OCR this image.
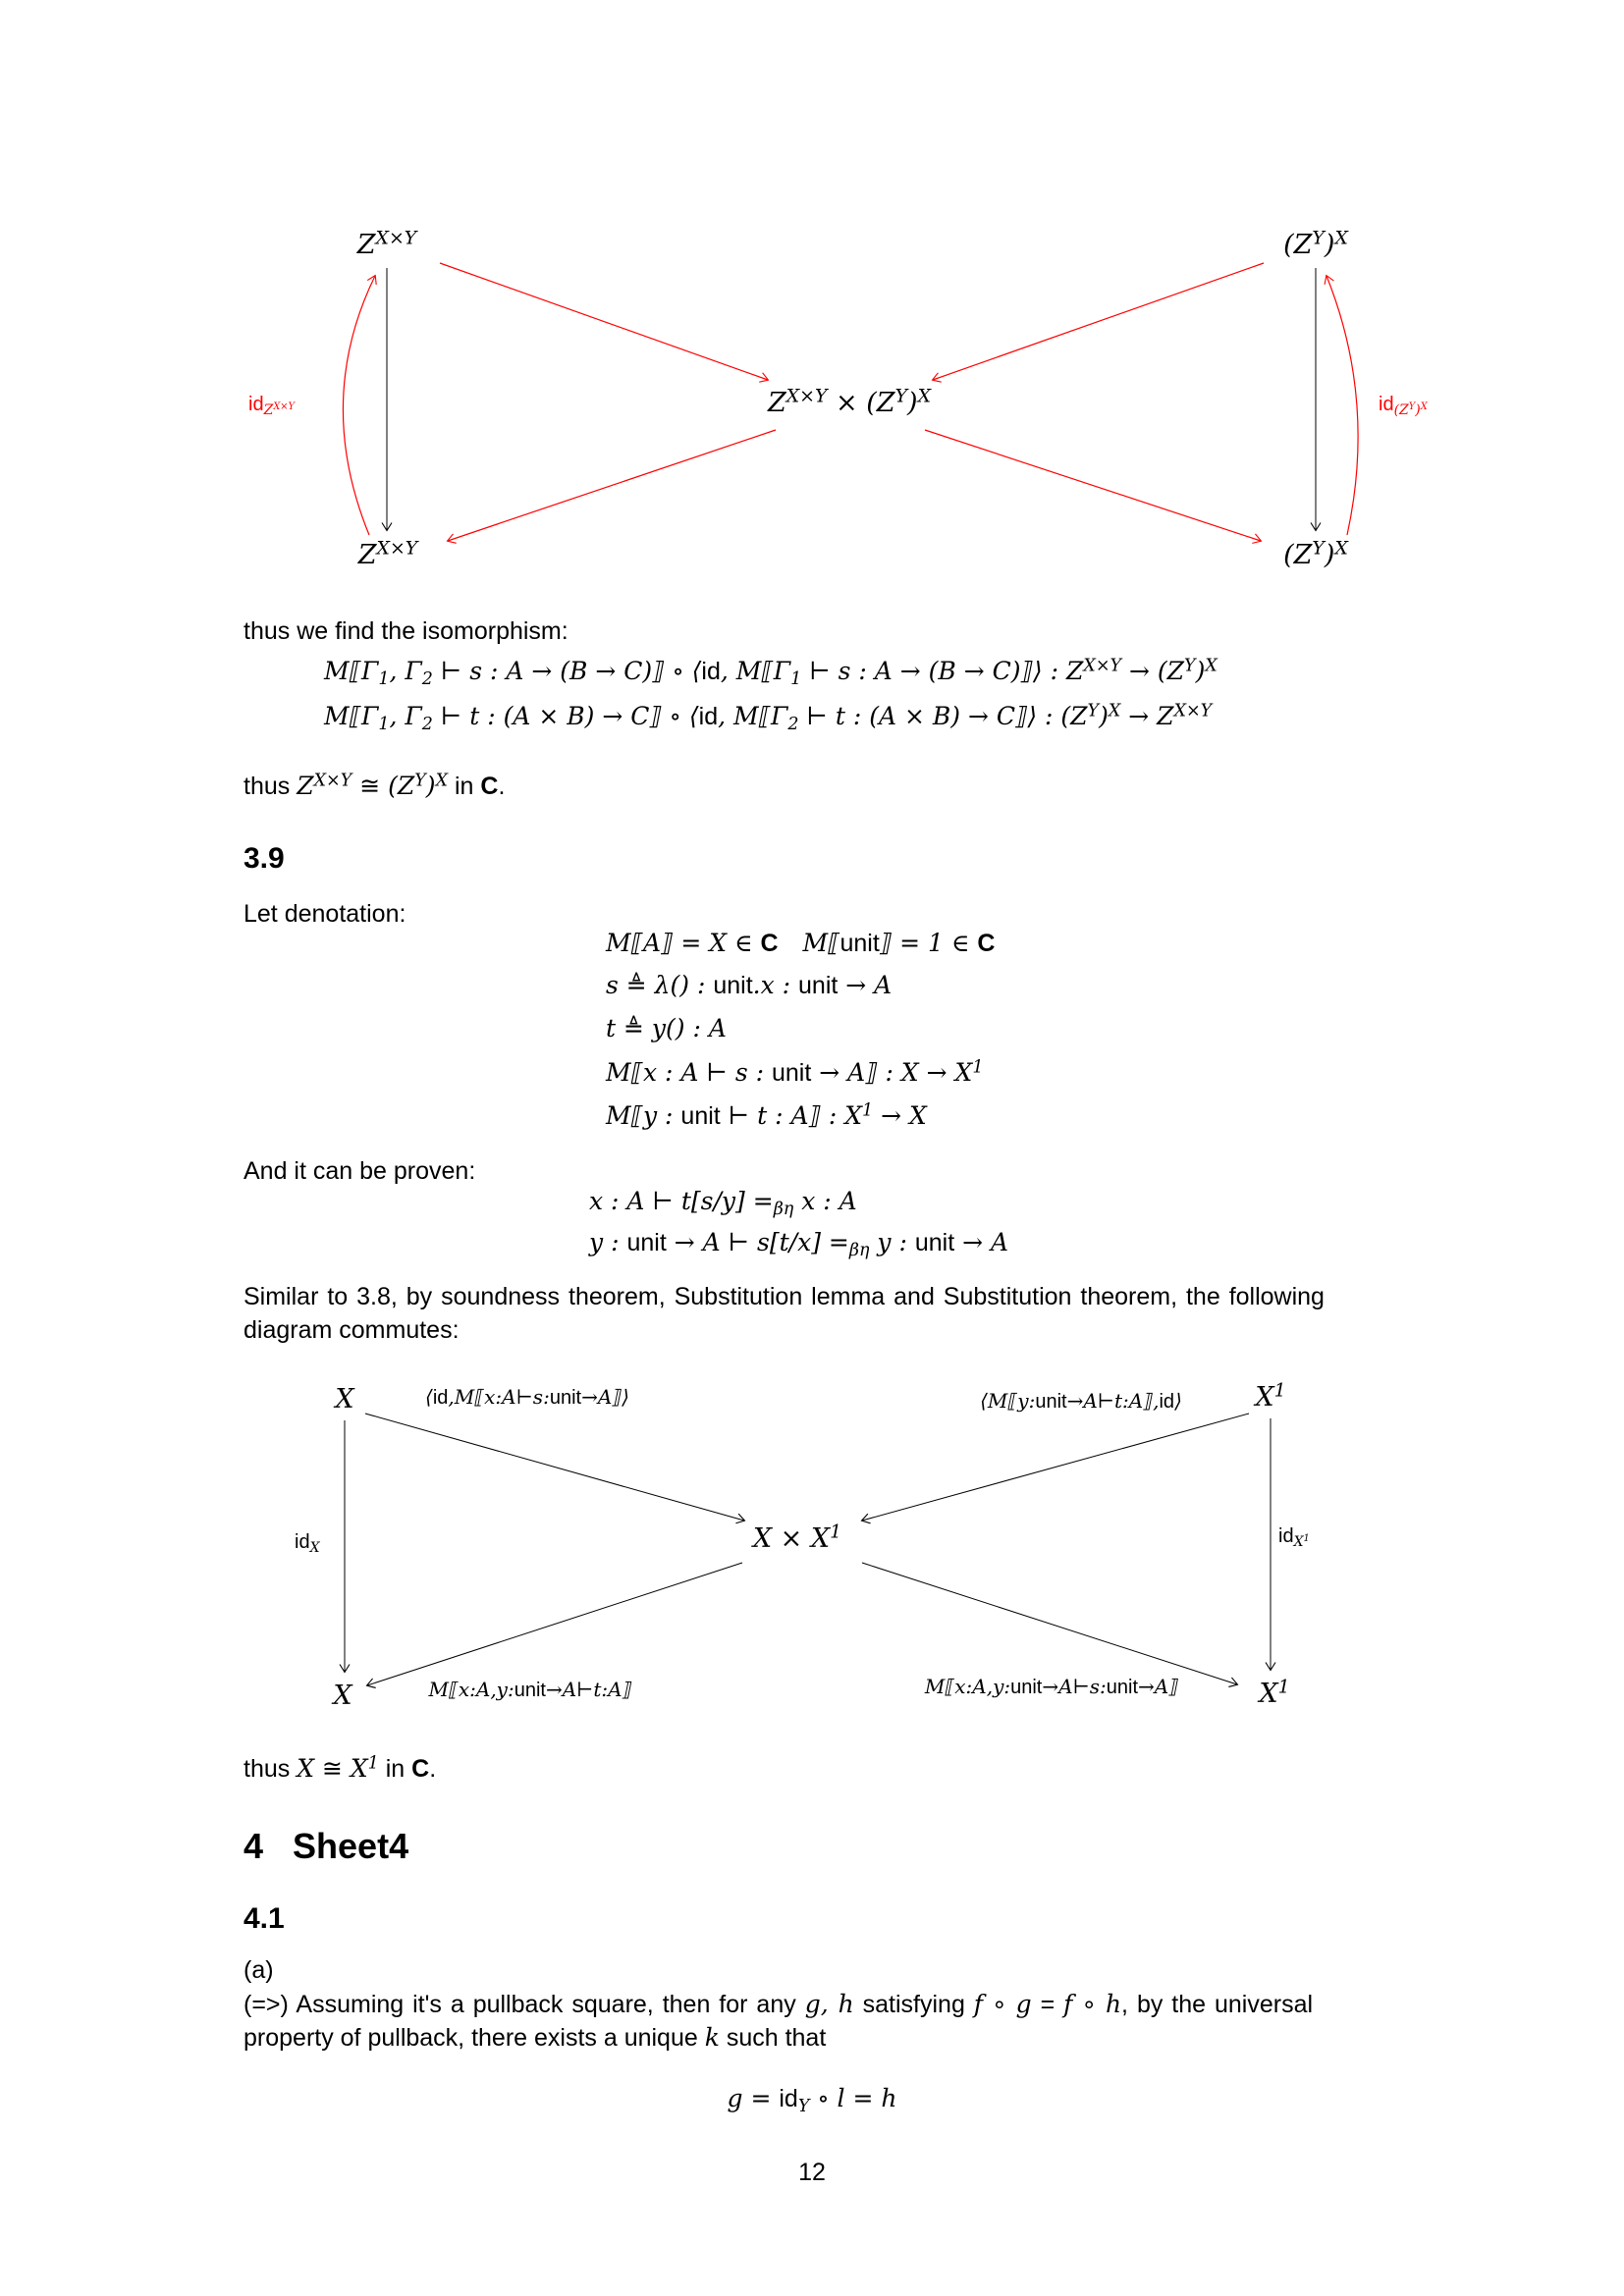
$Z^{X\times Y}$	$(Z^Y)^X$
$Z^{X\times Y} \times (Z^Y)^X$
$Z^{X\times Y}$	$(Z^Y)^X$
$id_{Z^{X\times Y}}$	$id_{(Z^Y)^X}$
thus we find the isomorphism:
$M⟦\Gamma_1$, $\Gamma_2$ ⊢ s : A → (B → C)⟧ ∘ ⟨id, $M⟦\Gamma_1$ ⊢ s : A → (B → C)⟧⟩ : $Z^{X\times Y} \to (Z^Y)^X$
$M⟦\Gamma_1$, $\Gamma_2$ ⊢ t : (A × B) → C⟧ ∘ ⟨id, $M⟦\Gamma_2$ ⊢ t : (A × B) → C⟧⟩ : $(Z^Y)^X \to Z^{X\times Y}$
thus $Z^{X\times Y}$ ≅ $(Z^Y)^X$ in C.
3.9
Let denotation:
M⟦A⟧ = X ∈ C M⟦unit⟧ = 1 ∈ C
s ≜ λ() : unit.x : unit → A
t ≜ y() : A
M⟦x : A ⊢ s : unit → A⟧ : $X \to X^1$
M⟦y : unit ⊢ t : A⟧ : $X^1 \to X$
And it can be proven:
x : A ⊢ $t[s/y] =_{\beta\eta}$ x : A
y : unit → A ⊢ $s[t/x] =_{\beta\eta}$ y : unit → A
Similar to 3.8, by soundness theorem, Substitution lemma and Substitution theorem, the following
diagram commutes:
X	$X^1$
$X \times X^1$
X	$X^1$
⟨id,M⟦x:A⊢s:unit→A⟧⟩	⟨M⟦y:unit→A⊢t:A⟧,id⟩
$id_X$
$id_{X^1}$
M⟦x:A,y:unit→A⊢t:A⟧	M⟦x:A,y:unit→A⊢s:unit→A⟧
thus X ≅ $X^1$ in C.
4 Sheet4
4.1
(a)
(=>) Assuming it's a pullback square, then for any g, h satisfying f ∘ g = f ∘ h, by the universal
property of pullback, there exists a unique k such that
$g = id_Y$ ∘ l = h
12
